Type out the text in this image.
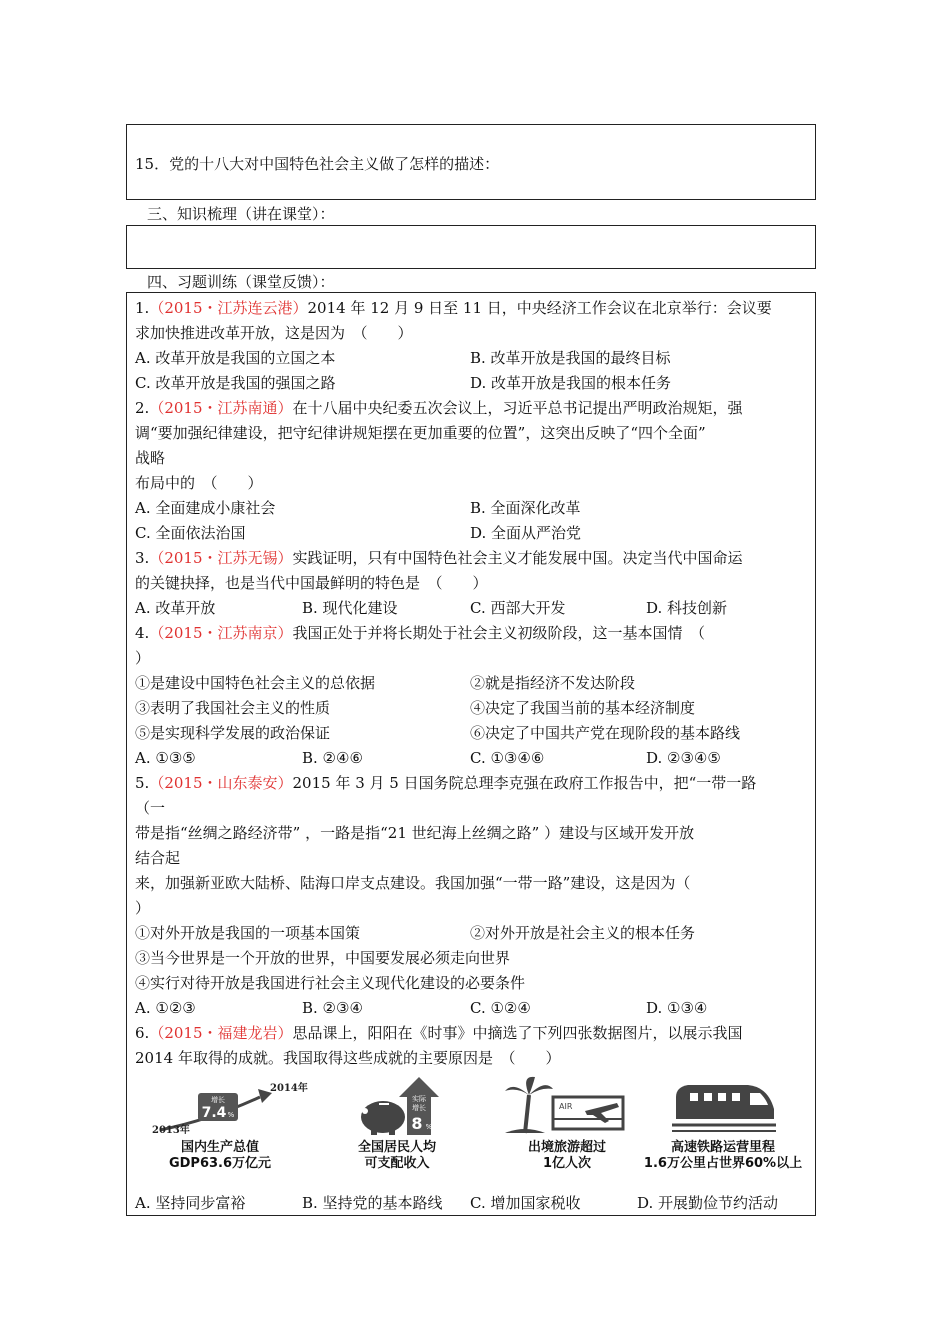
15．党的十八大对中国特色社会主义做了怎样的描述：
三、知识梳理（讲在课堂）：
四、习题训练（课堂反馈）：
1.（2015・江苏连云港）2014 年 12 月 9 日至 11 日，中央经济工作会议在北京举行：会议要
求加快推进改革开放，这是因为　（　　）
A. 改革开放是我国的立国之本	B. 改革开放是我国的最终目标
C. 改革开放是我国的强国之路	D. 改革开放是我国的根本任务
2.（2015・江苏南通）在十八届中央纪委五次会议上，习近平总书记提出严明政治规矩，强
调“要加强纪律建设，把守纪律讲规矩摆在更加重要的位置”，这突出反映了“四个全面”
战略
布局中的　（　　）
A. 全面建成小康社会	B. 全面深化改革
C. 全面依法治国	D. 全面从严治党
3.（2015・江苏无锡）实践证明，只有中国特色社会主义才能发展中国。决定当代中国命运
的关键抉择，也是当代中国最鲜明的特色是　（　　）
A. 改革开放	B. 现代化建设	C. 西部大开发	D. 科技创新
4.（2015・江苏南京）我国正处于并将长期处于社会主义初级阶段，这一基本国情　（
）
①是建设中国特色社会主义的总依据	②就是指经济不发达阶段
③表明了我国社会主义的性质	④决定了我国当前的基本经济制度
⑤是实现科学发展的政治保证	⑥决定了中国共产党在现阶段的基本路线
A. ①③⑤	B. ②④⑥	C. ①③④⑥	D. ②③④⑤
5.（2015・山东泰安）2015 年 3 月 5 日国务院总理李克强在政府工作报告中，把“一带一路
（一
带是指“丝绸之路经济带” ，一路是指“21 世纪海上丝绸之路” ）建设与区域开发开放
结合起
来，加强新亚欧大陆桥、陆海口岸支点建设。我国加强“一带一路”建设，这是因为（
）
①对外开放是我国的一项基本国策	②对外开放是社会主义的根本任务
③当今世界是一个开放的世界，中国要发展必须走向世界
④实行对待开放是我国进行社会主义现代化建设的必要条件
A. ①②③	B. ②③④	C. ①②④	D. ①③④
6.（2015・福建龙岩）思品课上，阳阳在《时事》中摘选了下列四张数据图片，以展示我国
2014 年取得的成就。我国取得这些成就的主要原因是　（　　）
增长
7.4 %
2013年
2014年
国内生产总值
GDP63.6万亿元
实际
增长
8 %
全国居民人均
可支配收入
AIR
出境旅游超过
1亿人次
高速铁路运营里程
1.6万公里占世界60%以上
A. 坚持同步富裕	B. 坚持党的基本路线 C. 增加国家税收	D. 开展勤俭节约活动
